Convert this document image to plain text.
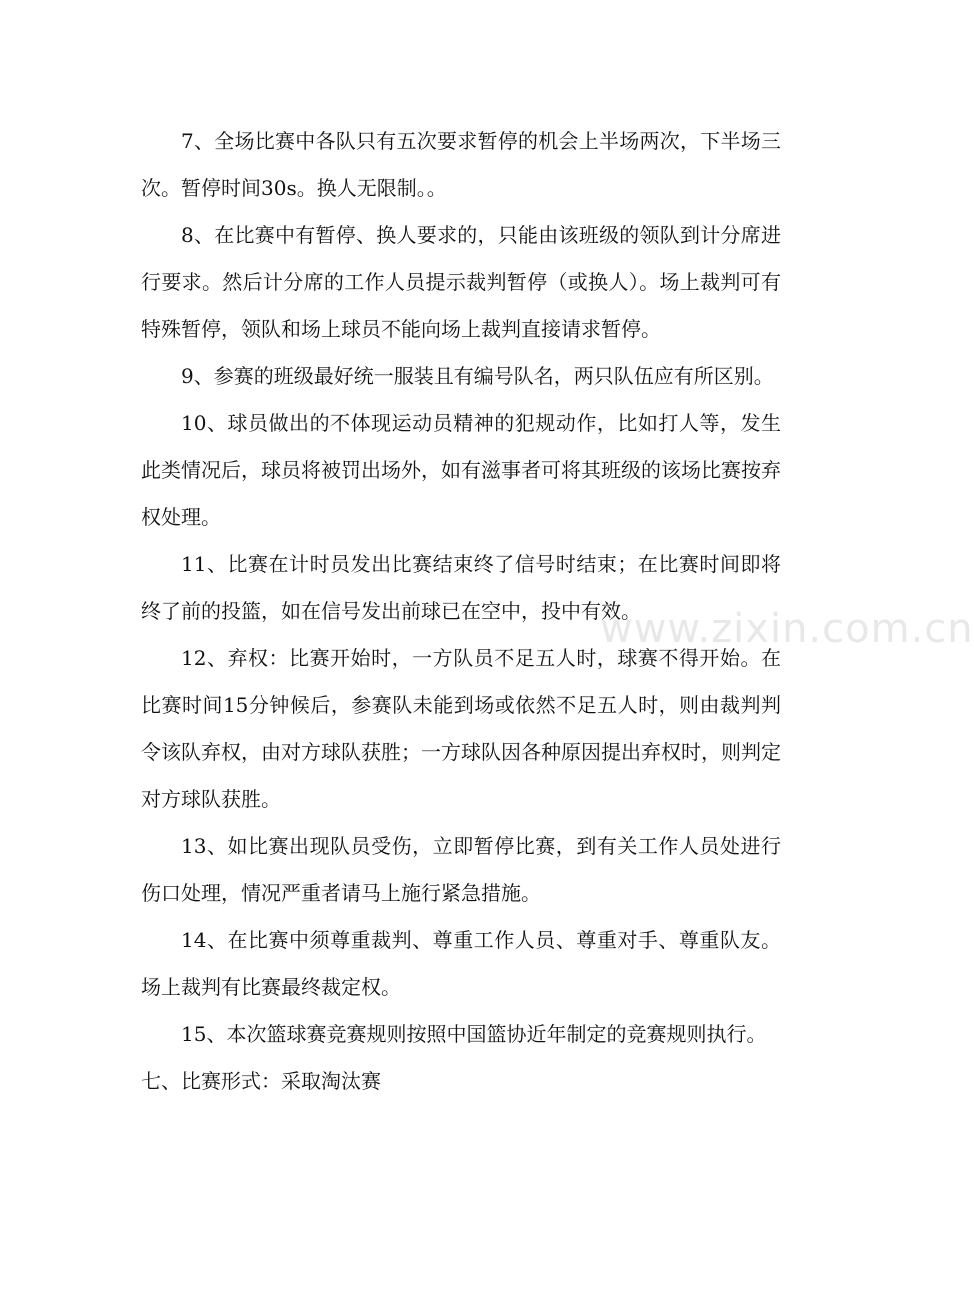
7、全场比赛中各队只有五次要求暂停的机会上半场两次，下半场三次。暂停时间30s。换人无限制。。

8、在比赛中有暂停、换人要求的，只能由该班级的领队到计分席进行要求。然后计分席的工作人员提示裁判暂停（或换人）。场上裁判可有特殊暂停，领队和场上球员不能向场上裁判直接请求暂停。

9、参赛的班级最好统一服装且有编号队名，两只队伍应有所区别。

10、球员做出的不体现运动员精神的犯规动作，比如打人等，发生此类情况后，球员将被罚出场外，如有滋事者可将其班级的该场比赛按弃权处理。

11、比赛在计时员发出比赛结束终了信号时结束；在比赛时间即将终了前的投篮，如在信号发出前球已在空中，投中有效。

12、弃权：比赛开始时，一方队员不足五人时，球赛不得开始。在比赛时间15分钟候后，参赛队未能到场或依然不足五人时，则由裁判判令该队弃权，由对方球队获胜；一方球队因各种原因提出弃权时，则判定对方球队获胜。

13、如比赛出现队员受伤，立即暂停比赛，到有关工作人员处进行伤口处理，情况严重者请马上施行紧急措施。

14、在比赛中须尊重裁判、尊重工作人员、尊重对手、尊重队友。场上裁判有比赛最终裁定权。

15、本次篮球赛竞赛规则按照中国篮协近年制定的竞赛规则执行。

七、比赛形式：采取淘汰赛

www.zixin.com.cn
